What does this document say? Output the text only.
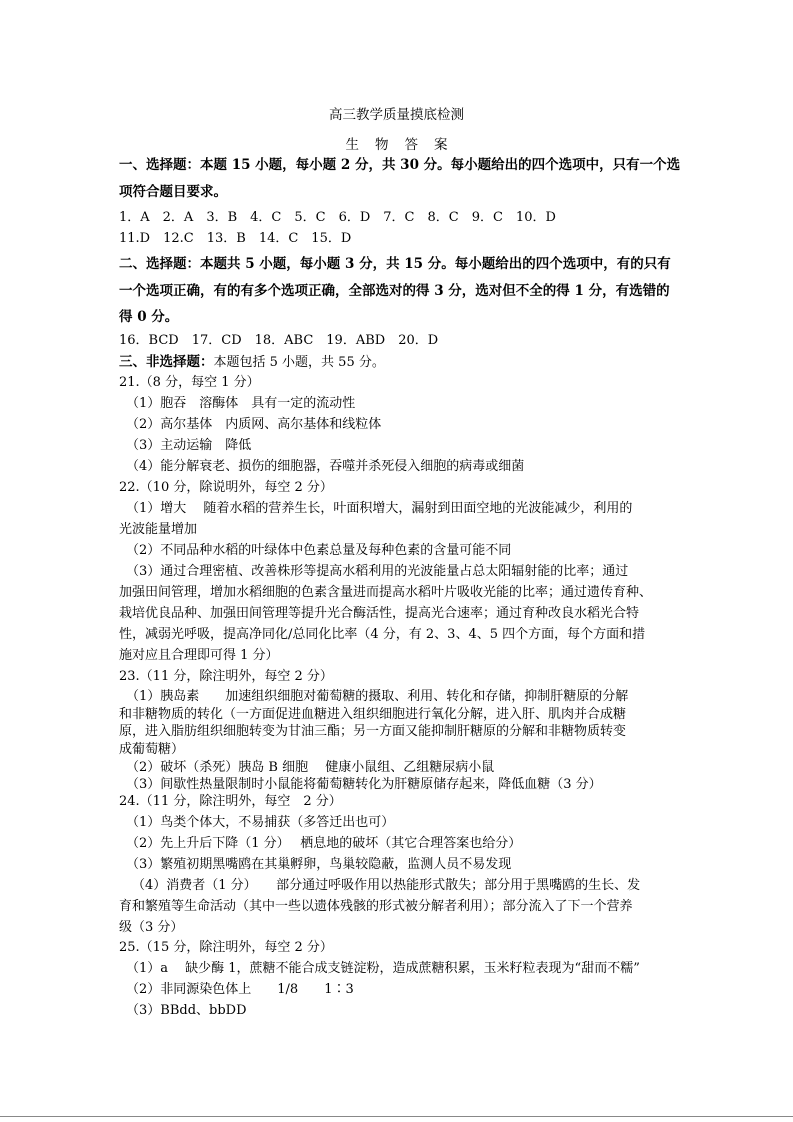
高三教学质量摸底检测
生物答案
一、选择题：本题 15 小题，每小题 2 分，共 30 分。每小题给出的四个选项中，只有一个选
项符合题目要求。
1．A　2．A　3．B　4．C　5．C　6．D　7．C　8．C　9．C　10．D
11.D　12.C　13．B　14．C　15．D
二、选择题：本题共 5 小题，每小题 3 分，共 15 分。每小题给出的四个选项中，有的只有
一个选项正确，有的有多个选项正确，全部选对的得 3 分，选对但不全的得 1 分，有选错的
得 0 分。
16．BCD　17．CD　18．ABC　19．ABD　20．D
三、非选择题：本题包括 5 小题，共 55 分。
21.（8 分，每空 1 分）
（1）胞吞　溶酶体　具有一定的流动性
（2）高尔基体　内质网、高尔基体和线粒体
（3）主动运输　降低
（4）能分解衰老、损伤的细胞器，吞噬并杀死侵入细胞的病毒或细菌
22.（10 分，除说明外，每空 2 分）
（1）增大　 随着水稻的营养生长，叶面积增大，漏射到田面空地的光波能减少，利用的
光波能量增加
（2）不同品种水稻的叶绿体中色素总量及每种色素的含量可能不同
（3）通过合理密植、改善株形等提高水稻利用的光波能量占总太阳辐射能的比率；通过
加强田间管理，增加水稻细胞的色素含量进而提高水稻叶片吸收光能的比率；通过遗传育种、
栽培优良品种、加强田间管理等提升光合酶活性，提高光合速率；通过育种改良水稻光合特
性，减弱光呼吸，提高净同化/总同化比率（4 分，有 2、3、4、5 四个方面，每个方面和措
施对应且合理即可得 1 分）
23.（11 分，除注明外，每空 2 分）
（1）胰岛素　　加速组织细胞对葡萄糖的摄取、利用、转化和存储，抑制肝糖原的分解
和非糖物质的转化（一方面促进血糖进入组织细胞进行氧化分解，进入肝、肌肉并合成糖
原，进入脂肪组织细胞转变为甘油三酯；另一方面又能抑制肝糖原的分解和非糖物质转变
成葡萄糖）
（2）破坏（杀死）胰岛 B 细胞　 健康小鼠组、乙组糖尿病小鼠
（3）间歇性热量限制时小鼠能将葡萄糖转化为肝糖原储存起来，降低血糖（3 分）
24.（11 分，除注明外，每空　2 分）
（1）鸟类个体大，不易捕获（多答迁出也可）
（2）先上升后下降（1 分）　 栖息地的破坏（其它合理答案也给分）
（3）繁殖初期黑嘴鸥在其巢孵卵，鸟巢较隐蔽，监测人员不易发现
（4）消费者（1 分）　　部分通过呼吸作用以热能形式散失；部分用于黑嘴鸥的生长、发
育和繁殖等生命活动（其中一些以遗体残骸的形式被分解者利用）；部分流入了下一个营养
级（3 分）
25.（15 分，除注明外，每空 2 分）
（1）a　 缺少酶 1，蔗糖不能合成支链淀粉，造成蔗糖积累，玉米籽粒表现为“甜而不糯”
（2）非同源染色体上　　1/8　　1∶3
（3）BBdd、bbDD
